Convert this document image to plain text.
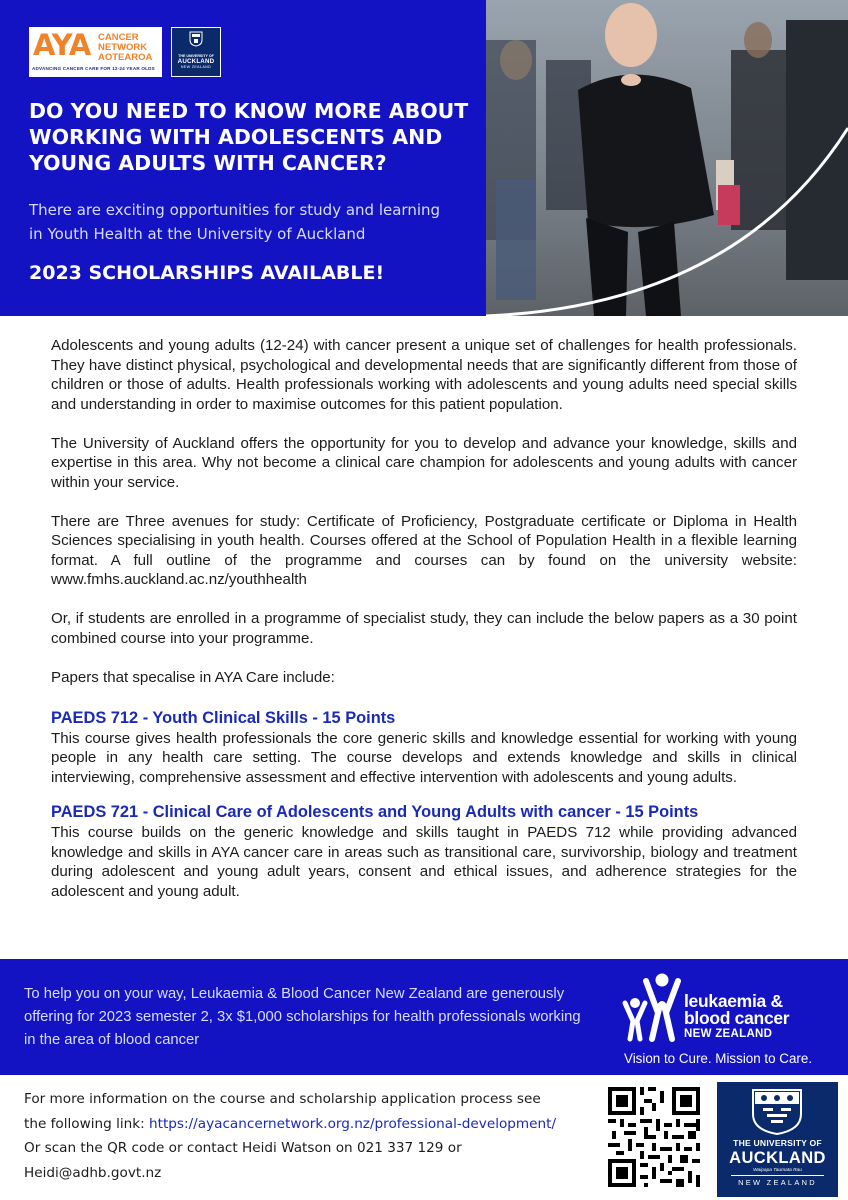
AYA CANCER
NETWORK
AOTEAROA
ADVANCING CANCER CARE FOR 12-24 YEAR OLDS
THE UNIVERSITY OF
AUCKLAND
NEW ZEALAND
DO YOU NEED TO KNOW MORE ABOUT
WORKING WITH ADOLESCENTS AND
YOUNG ADULTS WITH CANCER?
There are exciting opportunities for study and learning
in Youth Health at the University of Auckland
2023 SCHOLARSHIPS AVAILABLE!

Adolescents and young adults (12-24) with cancer present a unique set of challenges for health professionals. They have distinct physical, psychological and developmental needs that are significantly different from those of children or those of adults. Health professionals working with adolescents and young adults need special skills and understanding in order to maximise outcomes for this patient population.

The University of Auckland offers the opportunity for you to develop and advance your knowledge, skills and expertise in this area. Why not become a clinical care champion for adolescents and young adults with cancer within your service.

There are Three avenues for study: Certificate of Proficiency, Postgraduate certificate or Diploma in Health Sciences specialising in youth health. Courses offered at the School of Population Health in a flexible learning format. A full outline of the programme and courses can by found on the university website: www.fmhs.auckland.ac.nz/youthhealth

Or, if students are enrolled in a programme of specialist study, they can include the below papers as a 30 point combined course into your programme.

Papers that specalise in AYA Care include:

PAEDS 712 - Youth Clinical Skills - 15 Points

This course gives health professionals the core generic skills and knowledge essential for working with young people in any health care setting. The course develops and extends knowledge and skills in clinical interviewing, comprehensive assessment and effective intervention with adolescents and young adults.

PAEDS 721 - Clinical Care of Adolescents and Young Adults with cancer - 15 Points

This course builds on the generic knowledge and skills taught in PAEDS 712 while providing advanced knowledge and skills in AYA cancer care in areas such as transitional care, survivorship, biology and treatment during adolescent and young adult years, consent and ethical issues, and adherence strategies for the adolescent and young adult.

To help you on your way, Leukaemia & Blood Cancer New Zealand are generously offering for 2023 semester 2, 3x $1,000 scholarships for health professionals working in the area of blood cancer
leukaemia &
blood cancer
NEW ZEALAND
Vision to Cure. Mission to Care.
For more information on the course and scholarship application process see
the following link: https://ayacancernetwork.org.nz/professional-development/
Or scan the QR code or contact Heidi Watson on 021 337 129 or
Heidi@adhb.govt.nz
THE UNIVERSITY OF
AUCKLAND
Waipapa Taumata Rau
NEW ZEALAND
